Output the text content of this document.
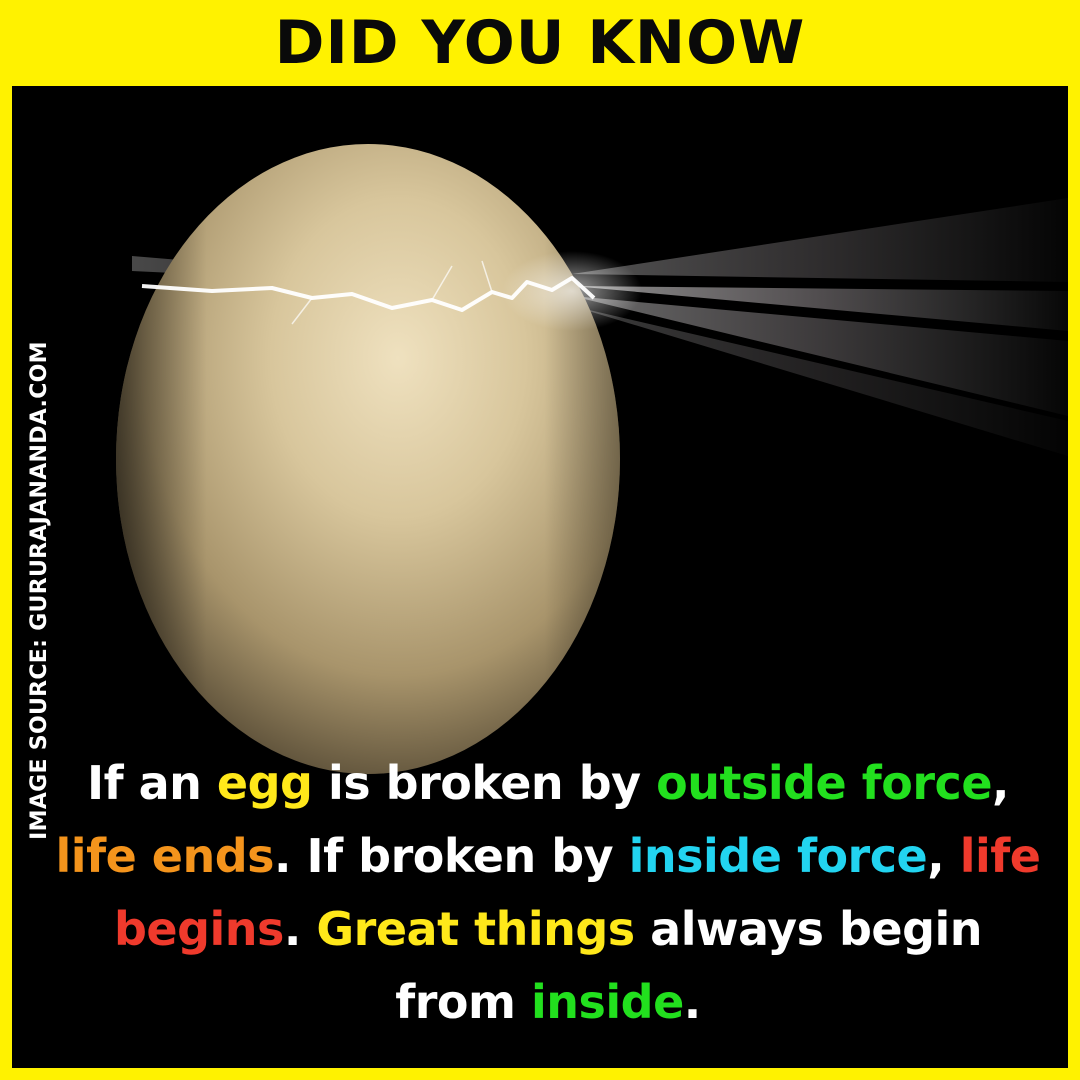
DID YOU KNOW
IMAGE SOURCE: GURURAJANANDA.COM If an egg is broken by outside force,
life ends. If broken by inside force, life
begins. Great things always begin
from inside.
